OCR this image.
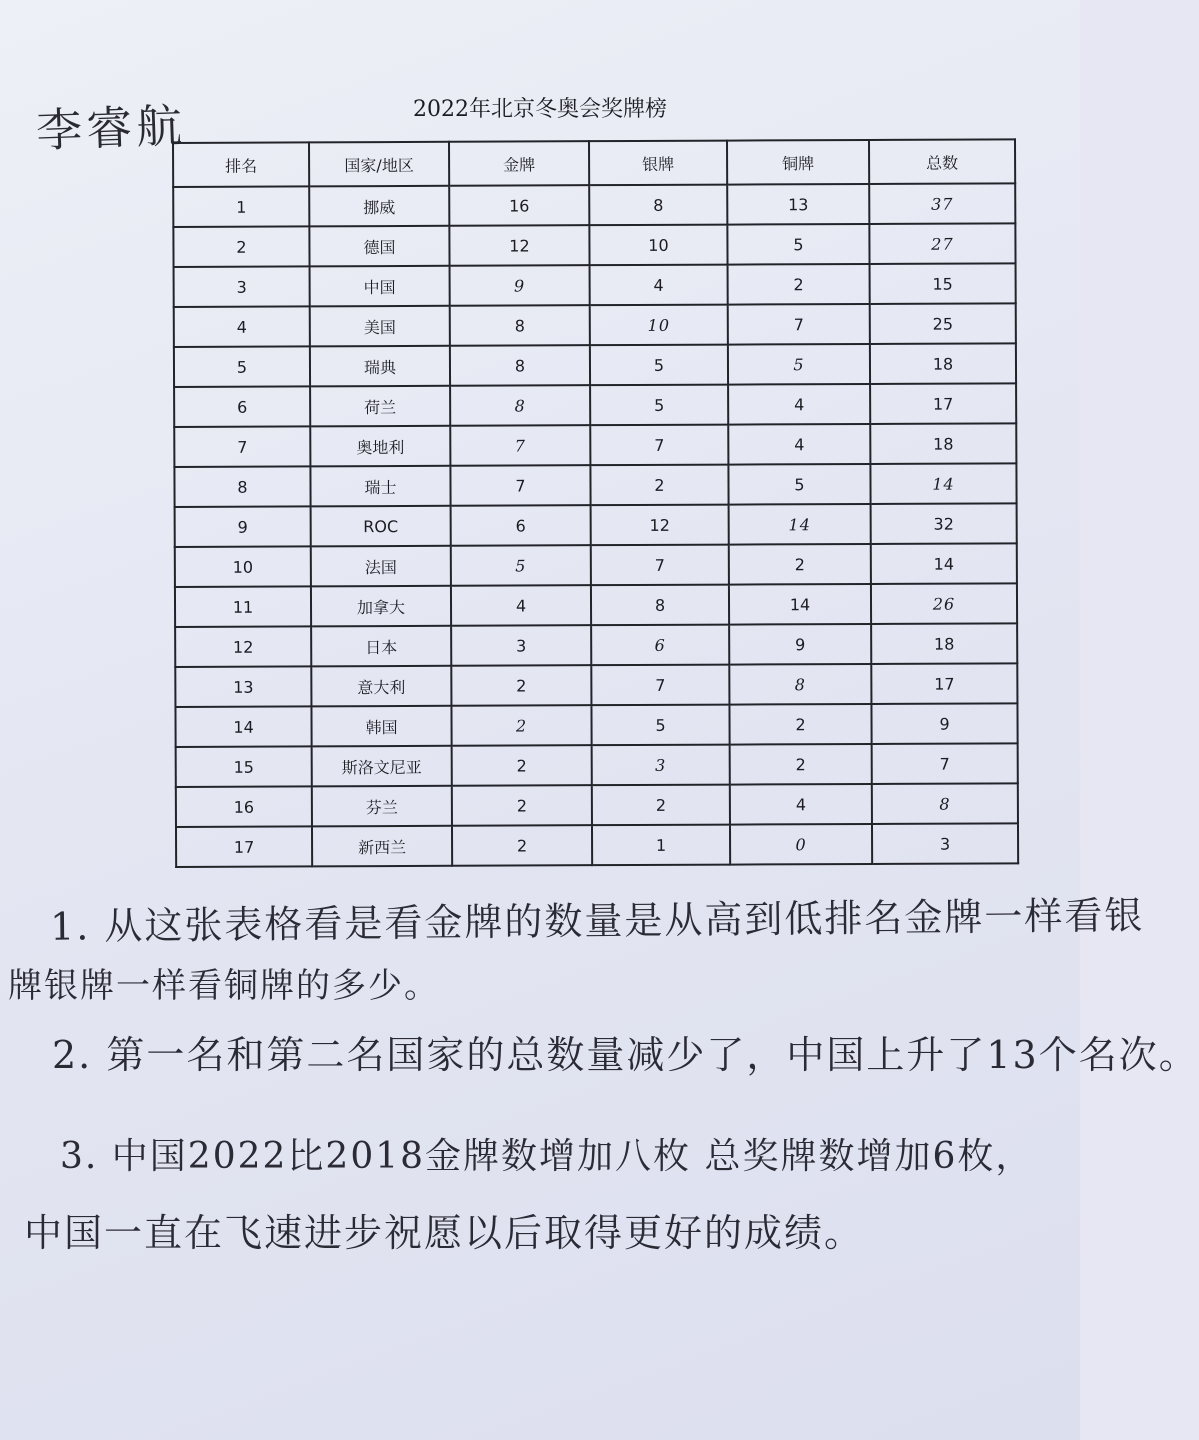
李睿航	2022年北京冬奥会奖牌榜
排名	国家/地区	金牌	银牌	铜牌	总数
1	挪威	16	8	13	37
2	德国	12	10	5	27
3	中国	9	4	2	15
4	美国	8	10	7	25
5	瑞典	8	5	5	18
6	荷兰	8	5	4	17
7	奥地利	7	7	4	18
8	瑞士	7	2	5	14
9	ROC	6	12	14	32
10	法国	5	7	2	14
11	加拿大	4	8	14	26
12	日本	3	6	9	18
13	意大利	2	7	8	17
14	韩国	2	5	2	9
15	斯洛文尼亚	2	3	2	7
16	芬兰	2	2	4	8
17	新西兰	2	1	0	3
1. 从这张表格看是看金牌的数量是从高到低排名金牌一样看银
牌银牌一样看铜牌的多少。
2. 第一名和第二名国家的总数量减少了，中国上升了13个名次。
3. 中国2022比2018金牌数增加八枚 总奖牌数增加6枚，
中国一直在飞速进步祝愿以后取得更好的成绩。
